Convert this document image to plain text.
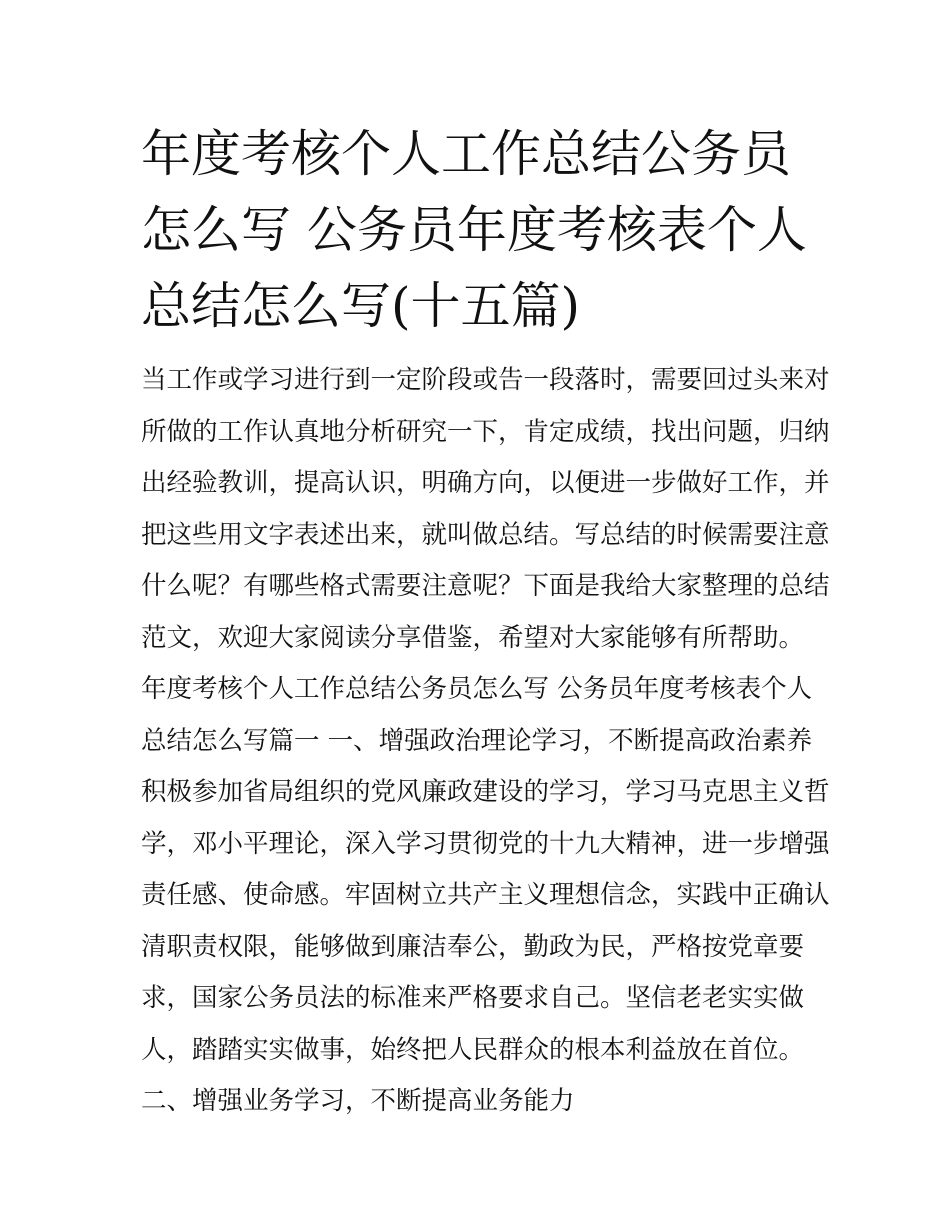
年度考核个人工作总结公务员
怎么写 公务员年度考核表个人
总结怎么写(十五篇)
当工作或学习进行到一定阶段或告一段落时，需要回过头来对
所做的工作认真地分析研究一下，肯定成绩，找出问题，归纳
出经验教训，提高认识，明确方向，以便进一步做好工作，并
把这些用文字表述出来，就叫做总结。写总结的时候需要注意
什么呢？有哪些格式需要注意呢？下面是我给大家整理的总结
范文，欢迎大家阅读分享借鉴，希望对大家能够有所帮助。
年度考核个人工作总结公务员怎么写 公务员年度考核表个人
总结怎么写篇一 一、增强政治理论学习，不断提高政治素养
积极参加省局组织的党风廉政建设的学习，学习马克思主义哲
学，邓小平理论，深入学习贯彻党的十九大精神，进一步增强
责任感、使命感。牢固树立共产主义理想信念，实践中正确认
清职责权限，能够做到廉洁奉公，勤政为民，严格按党章要
求，国家公务员法的标准来严格要求自己。坚信老老实实做
人，踏踏实实做事，始终把人民群众的根本利益放在首位。
二、增强业务学习，不断提高业务能力
